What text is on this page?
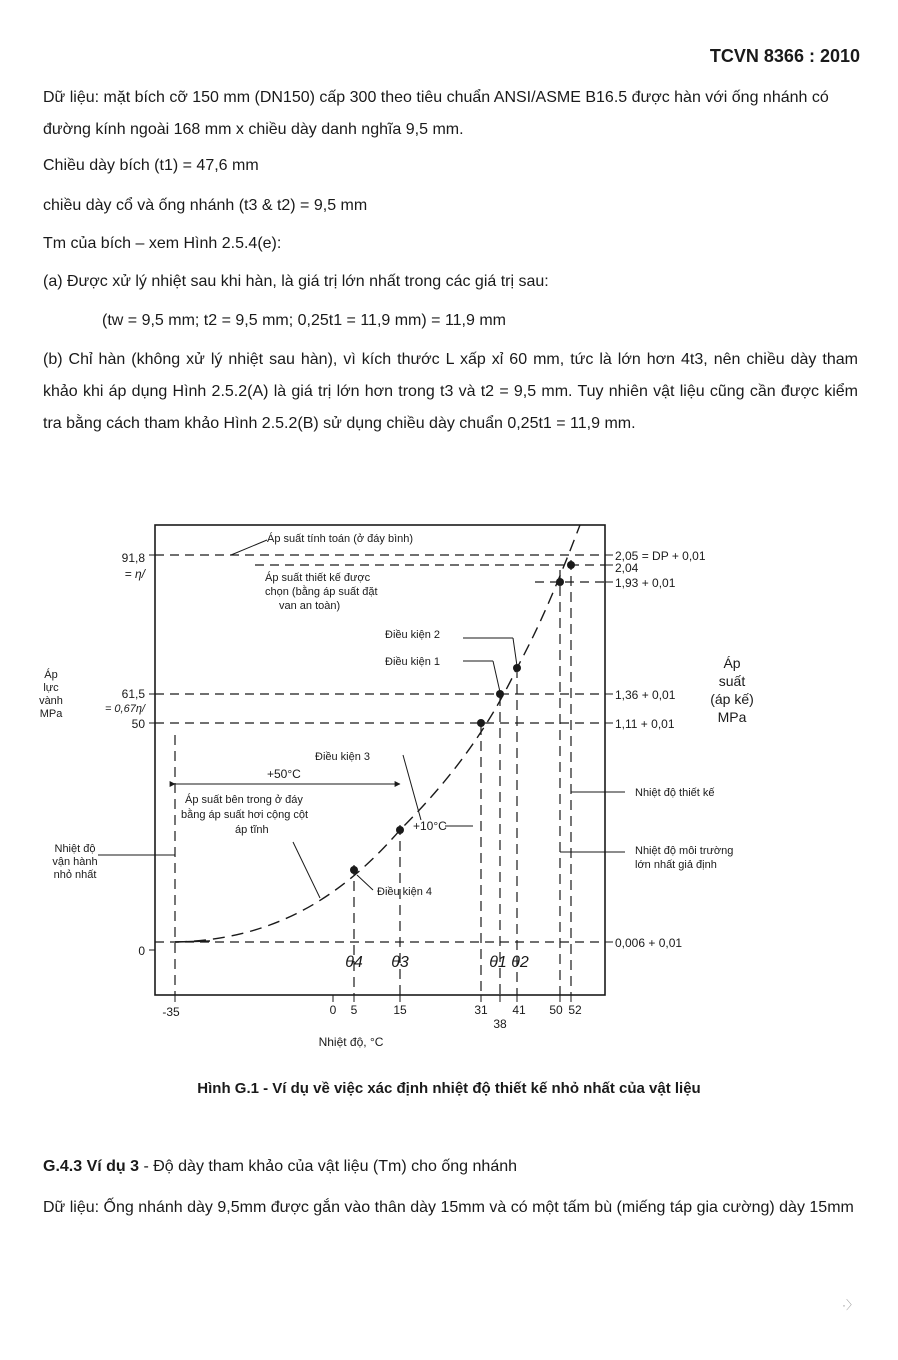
TCVN 8366 : 2010
Dữ liệu: mặt bích cỡ 150 mm (DN150) cấp 300 theo tiêu chuẩn ANSI/ASME B16.5 được hàn với ống nhánh có đường kính ngoài 168 mm x chiều dày danh nghĩa 9,5 mm.
Chiều dày bích (t1) = 47,6 mm
chiều dày cổ và ống nhánh (t3 & t2) = 9,5 mm
Tm của bích – xem Hình 2.5.4(e):
(a) Được xử lý nhiệt sau khi hàn, là giá trị lớn nhất trong các giá trị sau:
(tw = 9,5 mm; t2 = 9,5 mm; 0,25t1 = 11,9 mm) = 11,9 mm
(b) Chỉ hàn (không xử lý nhiệt sau hàn), vì kích thước L xấp xỉ 60 mm, tức là lớn hơn 4t3, nên chiều dày tham khảo khi áp dụng Hình 2.5.2(A) là giá trị lớn hơn trong t3 và t2 = 9,5 mm. Tuy nhiên vật liệu cũng cần được kiểm tra bằng cách tham khảo Hình 2.5.2(B) sử dụng chiều dày chuẩn 0,25t1 = 11,9 mm.
91,8
= η/
61,5
= 0,67η/
50
0
Áp
lực
vành
MPa
2,05 = DP + 0,01
2,04
1,93 + 0,01
1,36 + 0,01
1,11 + 0,01
0,006 + 0,01
Áp
suất
(áp kế)
MPa
-35	0 5	15	31
38
41 50 52
Nhiệt độ, °C
θ4 θ3	θ1 θ2
Áp suất tính toán (ở đáy bình)
Áp suất thiết kế được
chọn (bằng áp suất đặt
van an toàn)
Điều kiện 2
Điều kiện 1
Điều kiện 3
+50°C
Áp suất bên trong ở đáy
bằng áp suất hơi cộng cột
áp tĩnh	+10°C
Điều kiện 4
Nhiệt độ
vận hành
nhỏ nhất
Nhiệt độ thiết kế
Nhiệt độ môi trường
lớn nhất giả định
Hình G.1 - Ví dụ về việc xác định nhiệt độ thiết kế nhỏ nhất của vật liệu
G.4.3 Ví dụ 3 - Độ dày tham khảo của vật liệu (Tm) cho ống nhánh
Dữ liệu: Ống nhánh dày 9,5mm được gắn vào thân dày 15mm và có một tấm bù (miếng táp gia cường) dày 15mm
·〉
